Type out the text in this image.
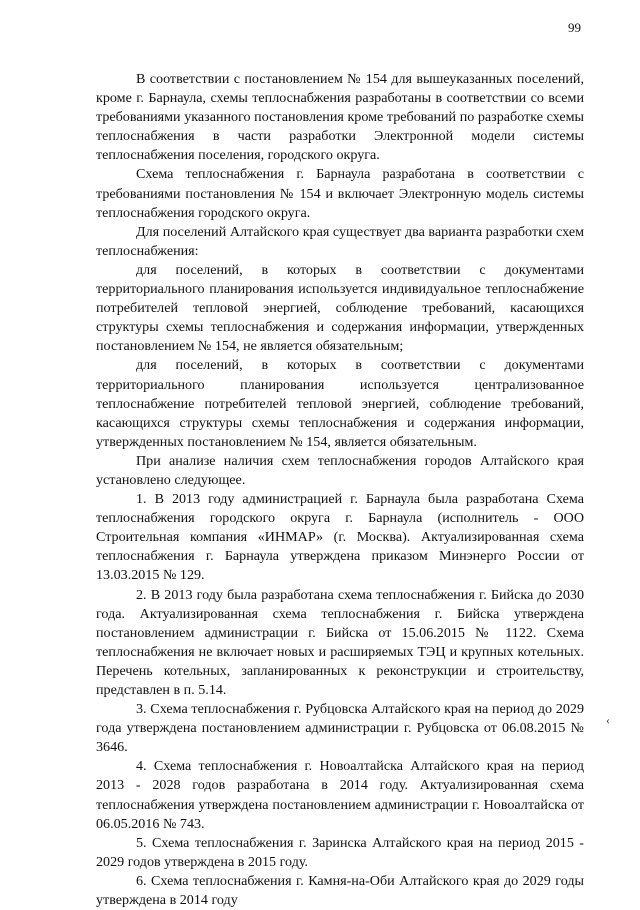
99

В соответствии с постановлением № 154 для вышеуказанных поселений, кроме г. Барнаула, схемы теплоснабжения разработаны в соответствии со всеми требованиями указанного постановления кроме требований по разработке схемы теплоснабжения в части разработки Электронной модели системы теплоснабжения поселения, городского округа.

Схема теплоснабжения г. Барнаула разработана в соответствии с требованиями постановления № 154 и включает Электронную модель системы теплоснабжения городского округа.

Для поселений Алтайского края существует два варианта разработки схем теплоснабжения:

для поселений, в которых в соответствии с документами территориального планирования используется индивидуальное теплоснабжение потребителей тепловой энергией, соблюдение требований, касающихся структуры схемы теплоснабжения и содержания информации, утвержденных постановлением № 154, не является обязательным;

для поселений, в которых в соответствии с документами территориального планирования используется централизованное теплоснабжение потребителей тепловой энергией, соблюдение требований, касающихся структуры схемы теплоснабжения и содержания информации, утвержденных постановлением № 154, является обязательным.

При анализе наличия схем теплоснабжения городов Алтайского края установлено следующее.

1. В 2013 году администрацией г. Барнаула была разработана Схема теплоснабжения городского округа г. Барнаула (исполнитель - ООО Строительная компания «ИНМАР» (г. Москва). Актуализированная схема теплоснабжения г. Барнаула утверждена приказом Минэнерго России от 13.03.2015 № 129.

2. В 2013 году была разработана схема теплоснабжения г. Бийска до 2030 года. Актуализированная схема теплоснабжения г. Бийска утверждена постановлением администрации г. Бийска от 15.06.2015 № 1122. Схема теплоснабжения не включает новых и расширяемых ТЭЦ и крупных котельных. Перечень котельных, запланированных к реконструкции и строительству, представлен в п. 5.14.

3. Схема теплоснабжения г. Рубцовска Алтайского края на период до 2029 года утверждена постановлением администрации г. Рубцовска от 06.08.2015 № 3646.

4. Схема теплоснабжения г. Новоалтайска Алтайского края на период 2013 - 2028 годов разработана в 2014 году. Актуализированная схема теплоснабжения утверждена постановлением администрации г. Новоалтайска от 06.05.2016 № 743.

5. Схема теплоснабжения г. Заринска Алтайского края на период 2015 - 2029 годов утверждена в 2015 году.

6. Схема теплоснабжения г. Камня-на-Оби Алтайского края до 2029 годы утверждена в 2014 году

‹
